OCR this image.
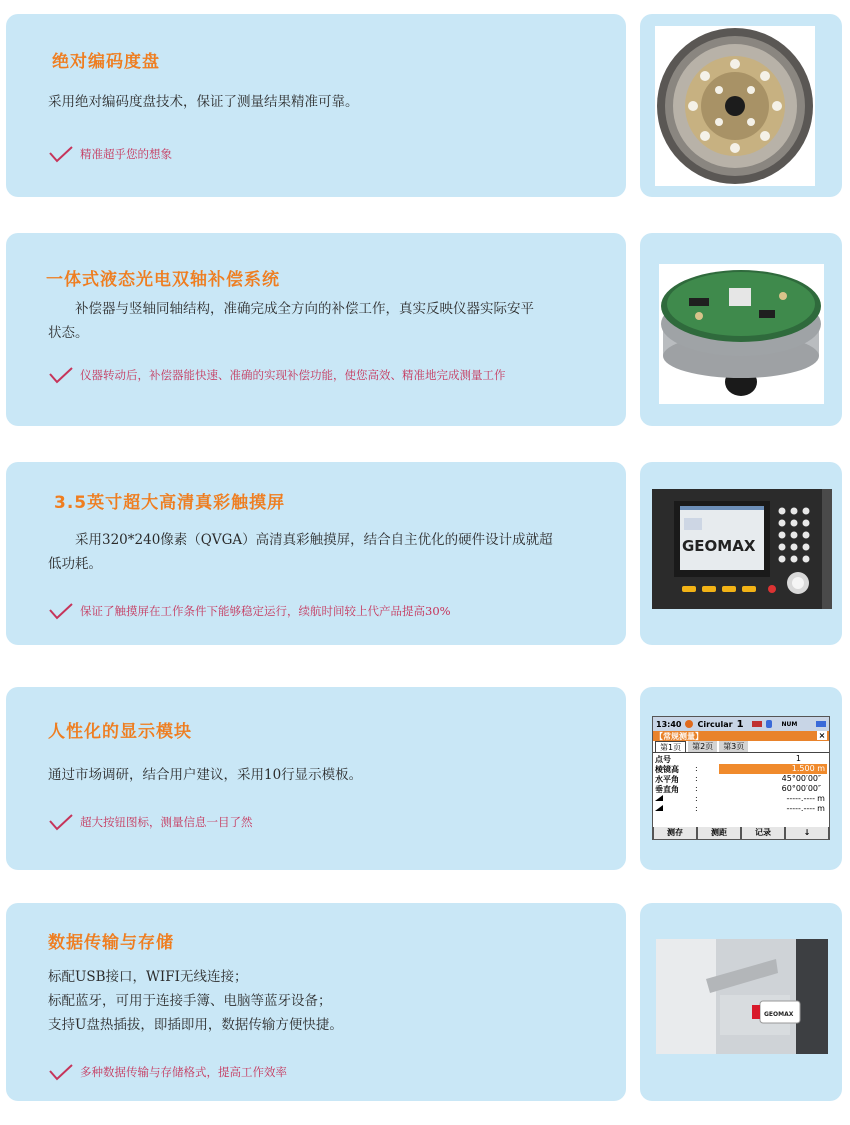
绝对编码度盘
采用绝对编码度盘技术，保证了测量结果精准可靠。
精准超乎您的想象
一体式液态光电双轴补偿系统
　　补偿器与竖轴同轴结构，准确完成全方向的补偿工作，真实反映仪器实际安平
状态。
仪器转动后，补偿器能快速、准确的实现补偿功能，使您高效、精准地完成测量工作
3.5英寸超大高清真彩触摸屏
　　采用320*240像素（QVGA）高清真彩触摸屏，结合自主优化的硬件设计成就超
低功耗。
保证了触摸屏在工作条件下能够稳定运行，续航时间较上代产品提高30%
GEOMAX
人性化的显示模块
通过市场调研，结合用户建议，采用10行显示模板。
超大按钮图标，测量信息一目了然
13:40 Circular 1	NUM
【常规测量】	×
第1页	第2页	第3页
点号	1
棱镜高	:	1.500 m
水平角	:	45°00′00″
垂直角	:	60°00′00″
:	-----.---- m
:	-----.---- m
测存	测距	记录	↓
数据传输与存储
标配USB接口，WIFI无线连接；
标配蓝牙，可用于连接手簿、电脑等蓝牙设备；
支持U盘热插拔，即插即用，数据传输方便快捷。
多种数据传输与存储格式，提高工作效率
GEOMAX
